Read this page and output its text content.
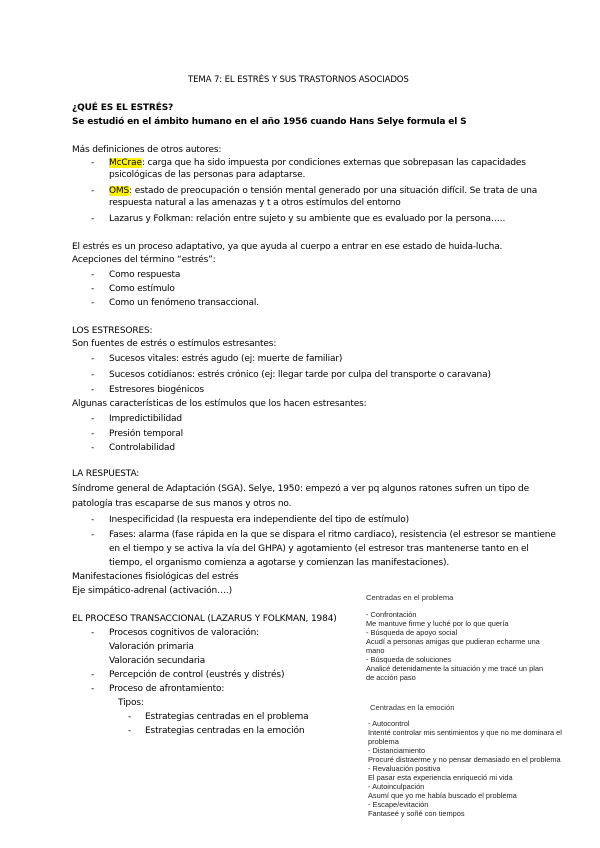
TEMA 7: EL ESTRÉS Y SUS TRASTORNOS ASOCIADOS
¿QUÉ ES EL ESTRÉS?
Se estudió en el ámbito humano en el año 1956 cuando Hans Selye formula el S
Más definiciones de otros autores:
- McCrae: carga que ha sido impuesta por condiciones externas que sobrepasan las capacidades
psicológicas de las personas para adaptarse.
- OMS: estado de preocupación o tensión mental generado por una situación difícil. Se trata de una
respuesta natural a las amenazas y t a otros estímulos del entorno
- Lazarus y Folkman: relación entre sujeto y su ambiente que es evaluado por la persona…..
El estrés es un proceso adaptativo, ya que ayuda al cuerpo a entrar en ese estado de huida-lucha.
Acepciones del término “estrés”:
- Como respuesta
- Como estímulo
- Como un fenómeno transaccional.
LOS ESTRESORES:
Son fuentes de estrés o estímulos estresantes:
- Sucesos vitales: estrés agudo (ej: muerte de familiar)
- Sucesos cotidianos: estrés crónico (ej: llegar tarde por culpa del transporte o caravana)
- Estresores biogénicos
Algunas características de los estímulos que los hacen estresantes:
- Impredictibilidad
- Presión temporal
- Controlabilidad
LA RESPUESTA:
Síndrome general de Adaptación (SGA). Selye, 1950: empezó a ver pq algunos ratones sufren un tipo de
patología tras escaparse de sus manos y otros no.
- Inespecificidad (la respuesta era independiente del tipo de estímulo)
- Fases: alarma (fase rápida en la que se dispara el ritmo cardiaco), resistencia (el estresor se mantiene
en el tiempo y se activa la vía del GHPA) y agotamiento (el estresor tras mantenerse tanto en el
tiempo, el organismo comienza a agotarse y comienzan las manifestaciones).
Manifestaciones fisiológicas del estrés
Eje simpático-adrenal (activación….)
EL PROCESO TRANSACCIONAL (LAZARUS Y FOLKMAN, 1984)
- Procesos cognitivos de valoración:
Valoración primaria
Valoración secundaria
- Percepción de control (eustrés y distrés)
- Proceso de afrontamiento:
Tipos:
- Estrategias centradas en el problema
- Estrategias centradas en la emoción
Centradas en el problema
- Confrontación
Me mantuve firme y luché por lo que quería
- Búsqueda de apoyo social
Acudí a personas amigas que pudieran echarme una
mano
- Búsqueda de soluciones
Analicé detenidamente la situación y me tracé un plan
de acción paso
Centradas en la emoción
- Autocontrol
Intenté controlar mis sentimientos y que no me dominara el
problema
- Distanciamiento
Procuré distraerme y no pensar demasiado en el problema
- Revaluación positiva
El pasar esta experiencia enriqueció mi vida
- Autoinculpación
Asumí que yo me había buscado el problema
- Escape/evitación
Fantaseé y soñé con tiempos
